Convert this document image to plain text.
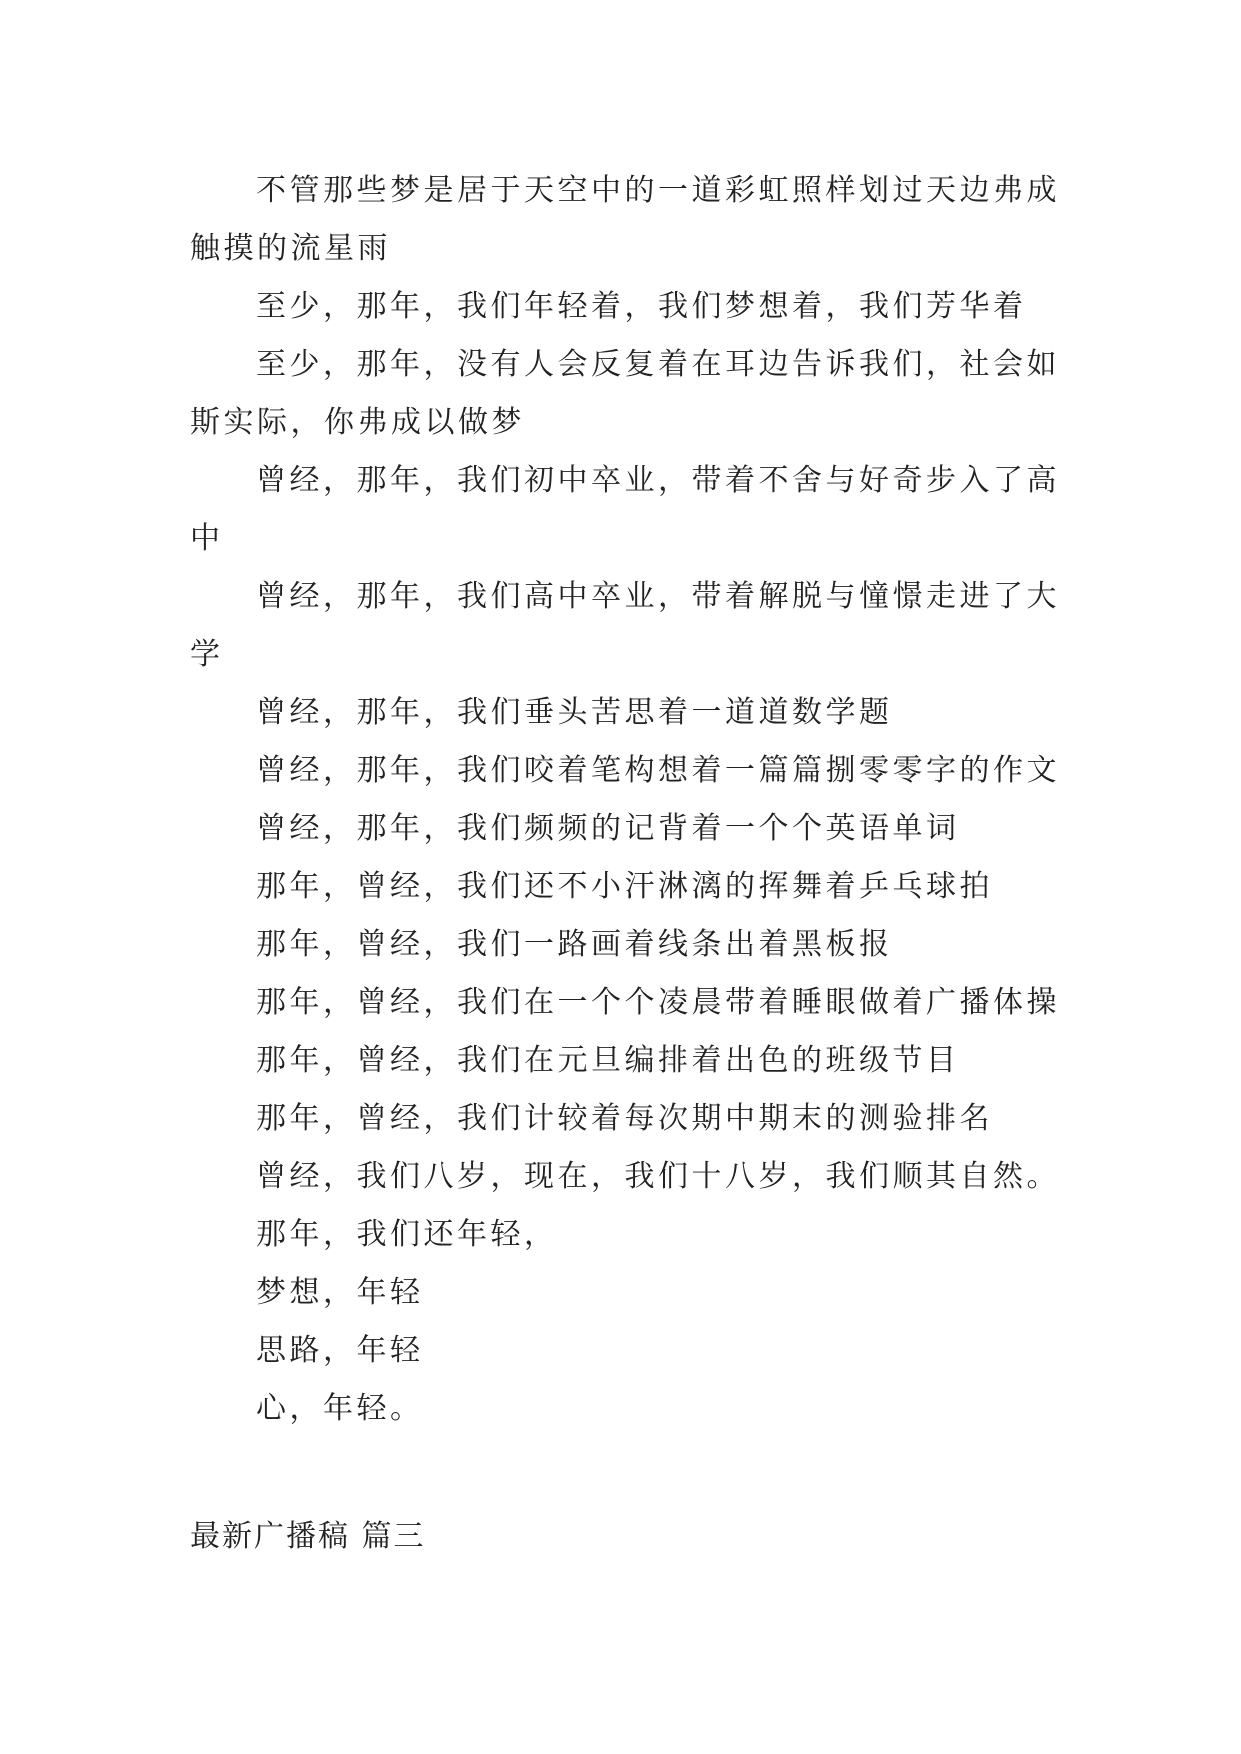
不管那些梦是居于天空中的一道彩虹照样划过天边弗成触摸的流星雨

至少，那年，我们年轻着，我们梦想着，我们芳华着

至少，那年，没有人会反复着在耳边告诉我们，社会如斯实际，你弗成以做梦

曾经，那年，我们初中卒业，带着不舍与好奇步入了高中

曾经，那年，我们高中卒业，带着解脱与憧憬走进了大学

曾经，那年，我们垂头苦思着一道道数学题

曾经，那年，我们咬着笔构想着一篇篇捌零零字的作文

曾经，那年，我们频频的记背着一个个英语单词

那年，曾经，我们还不小汗淋漓的挥舞着乒乓球拍

那年，曾经，我们一路画着线条出着黑板报

那年，曾经，我们在一个个凌晨带着睡眼做着广播体操

那年，曾经，我们在元旦编排着出色的班级节目

那年，曾经，我们计较着每次期中期末的测验排名

曾经，我们八岁，现在，我们十八岁，我们顺其自然。

那年，我们还年轻，

梦想，年轻

思路，年轻

心，年轻。

最新广播稿 篇三
